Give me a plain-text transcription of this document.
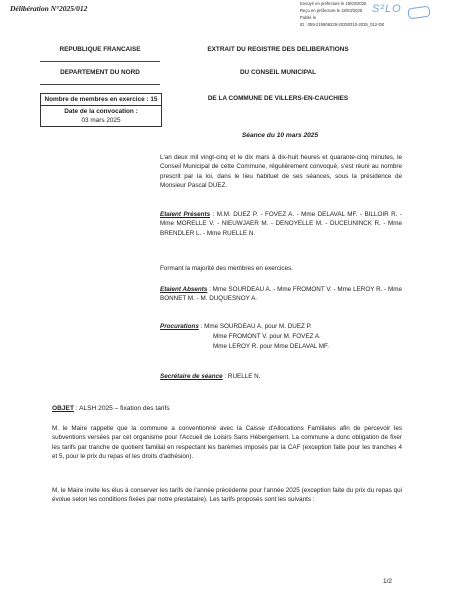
Délibération N°2025/012
Envoyé en préfecture le 18/03/2025
Reçu en préfecture le 18/03/2025
Publié le
ID : 059-215906229-20250310-2025_012-DE
S²LO
REPUBLIQUE FRANCAISE
DEPARTEMENT DU NORD
Nombre de membres en exercice : 15
Date de la convocation :
03 mars 2025
EXTRAIT DU REGISTRE DES DELIBERATIONS
DU CONSEIL MUNICIPAL
DE LA COMMUNE DE VILLERS-EN-CAUCHIES
Séance du 10 mars 2025
L'an deux mil vingt-cinq et le dix mars à dix-huit heures et quarante-cinq minutes, le Conseil Municipal de cette Commune, régulièrement convoqué, s'est réuni au nombre prescrit par la loi, dans le lieu habituel de ses séances, sous la présidence de Monsieur Pascal DUEZ.
Etaient Présents : M.M. DUEZ P. - FOVEZ A. - Mme DELAVAL MF. - BILLOIR R. - Mme MORELLE V. - NIEUWJAER M. - DENOYELLE M. - DUCEUNINCK R. - Mme BRENDLER L. - Mme RUELLE N.
Formant la majorité des membres en exercices.
Etaient Absents : Mme SOURDEAU A. - Mme FROMONT V. - Mme LEROY R. - Mme BONNET M. - M. DUQUESNOY A.
Procurations : Mme SOURDEAU A. pour M. DUEZ P.
Mme FROMONT V. pour M. FOVEZ A.
Mme LEROY R. pour Mme DELAVAL MF.
Secrétaire de séance : RUELLE N.
OBJET : ALSH 2025 – fixation des tarifs
M. le Maire rappelle que la commune a conventionné avec la Caisse d'Allocations Familiales afin de percevoir les subventions versées par cet organisme pour l'Accueil de Loisirs Sans Hébergement. La commune a donc obligation de fixer les tarifs par tranche de quotient familial en respectant les barèmes imposés par la CAF (exception faite pour les tranches 4 et 5, pour le prix du repas et les droits d'adhésion).
M. le Maire invite les élus à conserver les tarifs de l'année précédente pour l'année 2025 (exception faite du prix du repas qui évolue selon les conditions fixées par notre prestataire). Les tarifs proposés sont les suivants :
1/2
